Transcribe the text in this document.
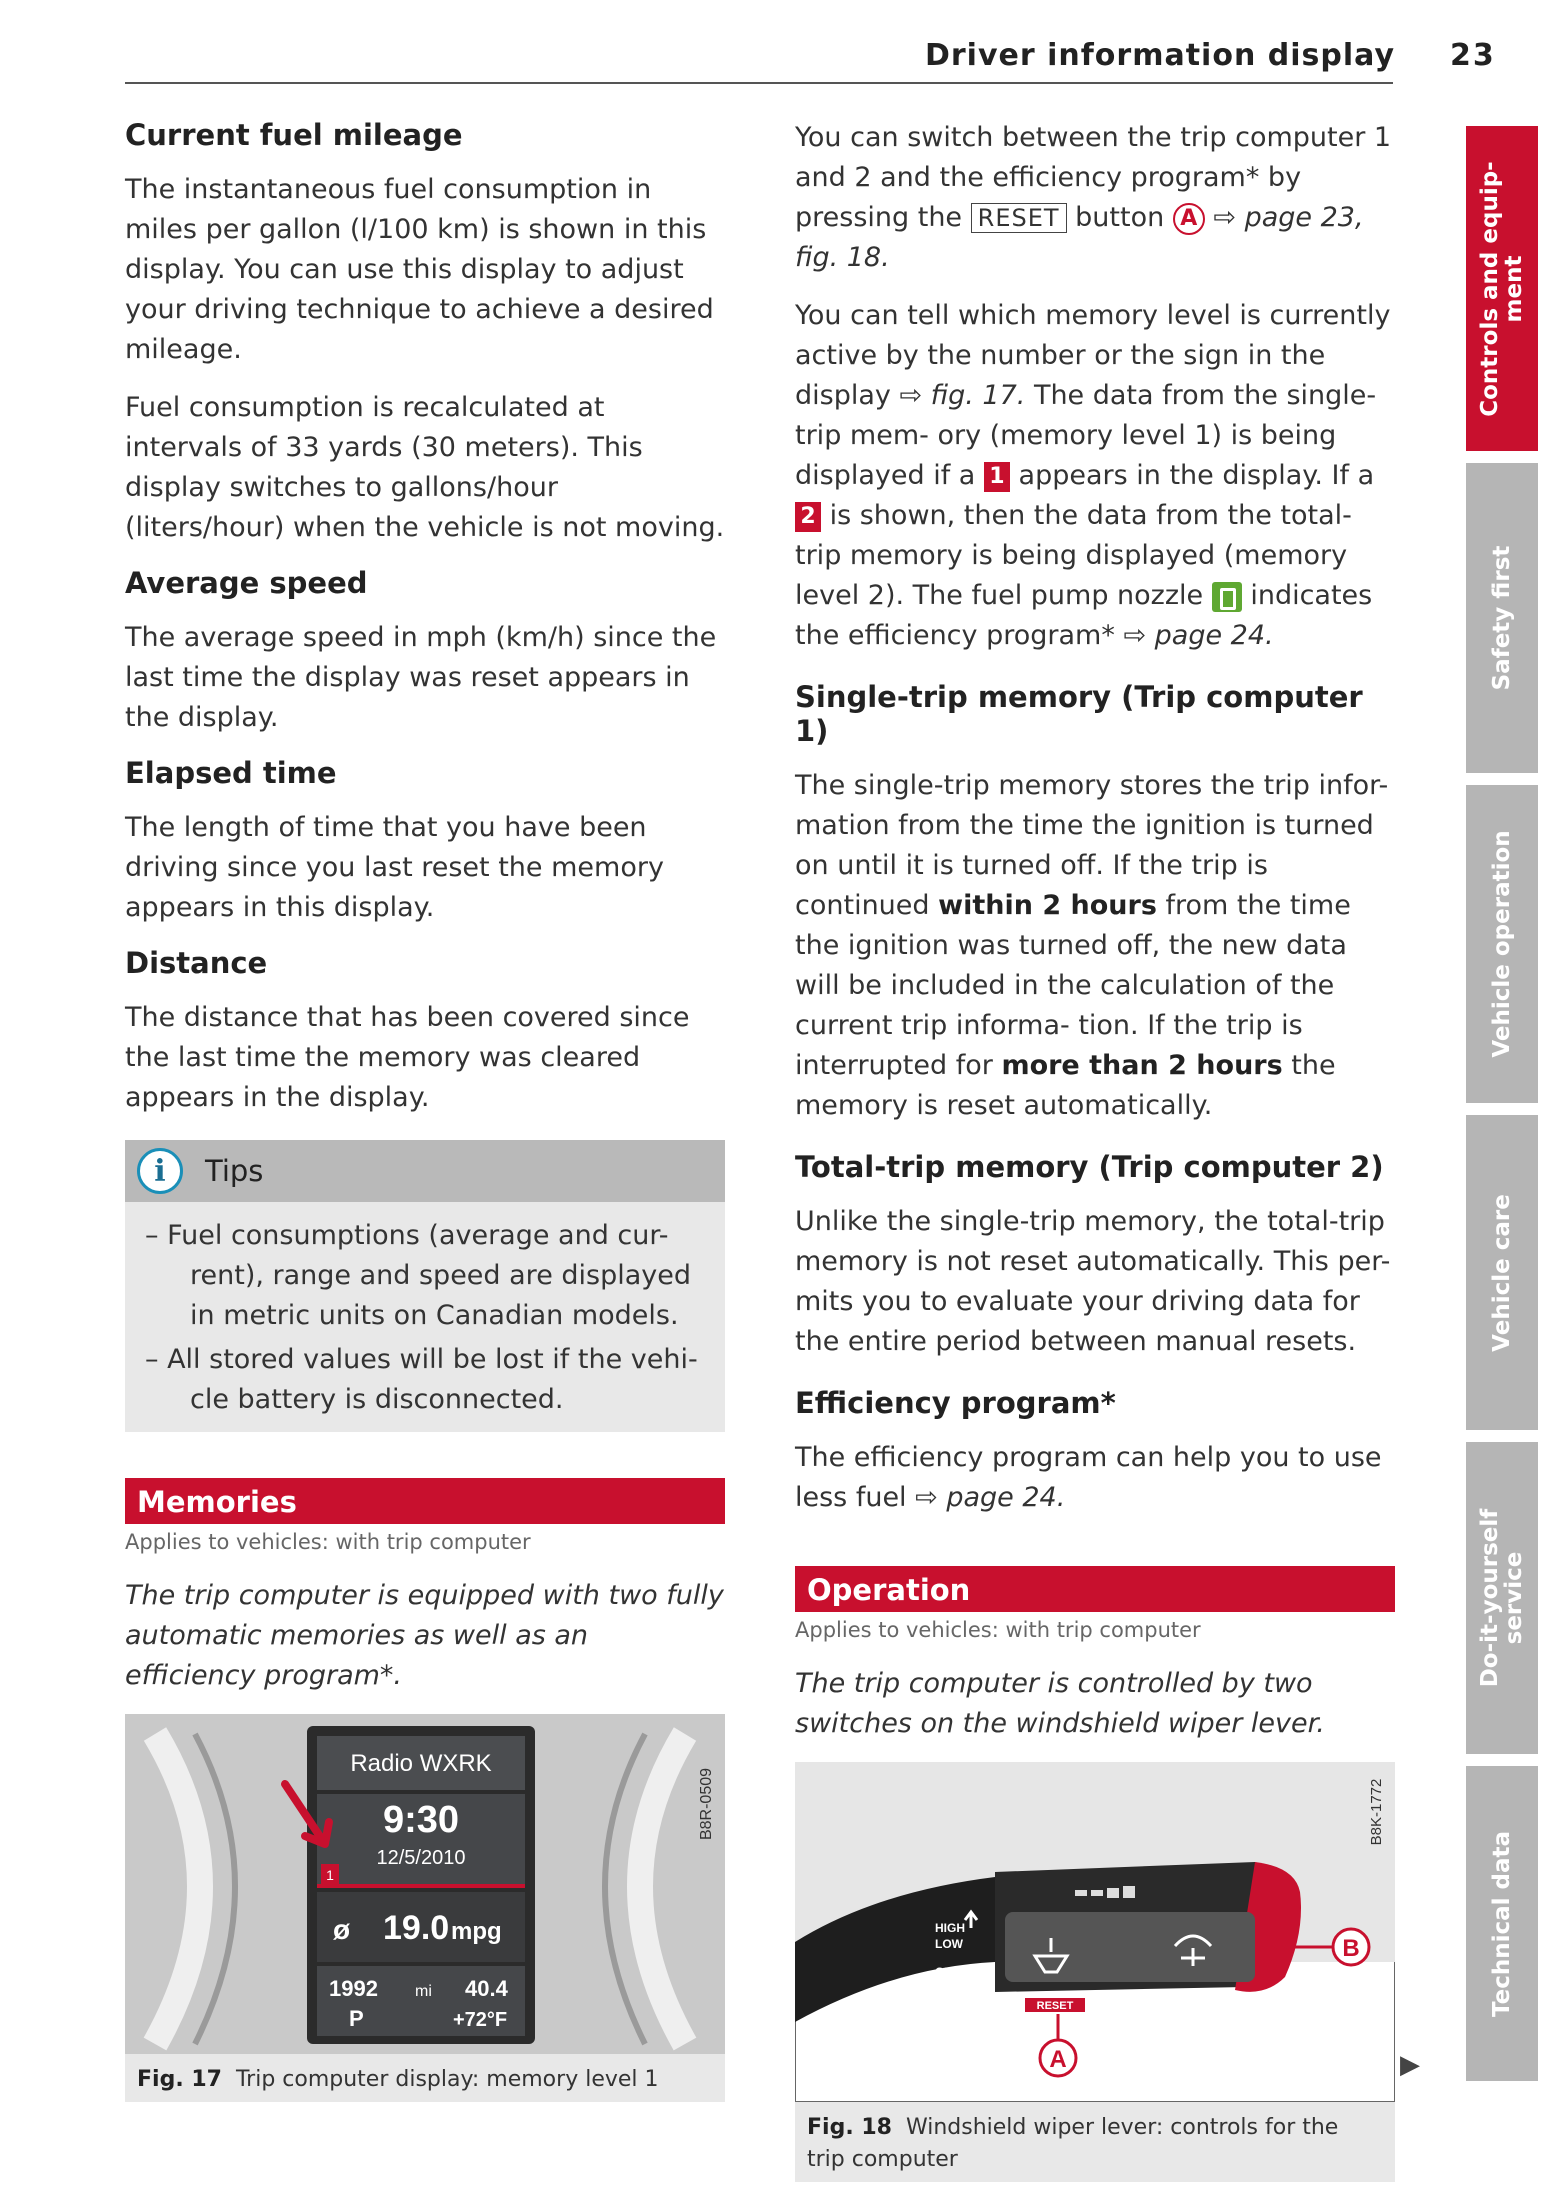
Driver information display 23
Current fuel mileage
The instantaneous fuel consumption in miles per gallon (l/100 km) is shown in this display. You can use this display to adjust your driving technique to achieve a desired mileage.
Fuel consumption is recalculated at intervals of 33 yards (30 meters). This display switches to gallons/hour (liters/hour) when the vehicle is not moving.
Average speed
The average speed in mph (km/h) since the last time the display was reset appears in the display.
Elapsed time
The length of time that you have been driving since you last reset the memory appears in this display.
Distance
The distance that has been covered since the last time the memory was cleared appears in the display.
i	Tips
– Fuel consumptions (average and cur- rent), range and speed are displayed in metric units on Canadian models.
– All stored values will be lost if the vehi- cle battery is disconnected.
Memories
Applies to vehicles: with trip computer
The trip computer is equipped with two fully automatic memories as well as an efficiency program*.
Radio WXRK
9:30
12/5/2010
1
ø 19.0 mpg
1992 mi 40.4
P	+72°F
B8R-0509
Fig. 17 Trip computer display: memory level 1
You can switch between the trip computer 1 and 2 and the efficiency program* by pressing the RESET button A ⇨ page 23, fig. 18.
You can tell which memory level is currently active by the number or the sign in the display ⇨ fig. 17. The data from the single-trip mem- ory (memory level 1) is being displayed if a 1 appears in the display. If a 2 is shown, then the data from the total-trip memory is being displayed (memory level 2). The fuel pump nozzle indicates the efficiency program* ⇨ page 24.
Single-trip memory (Trip computer 1)
The single-trip memory stores the trip infor- mation from the time the ignition is turned on until it is turned off. If the trip is continued within 2 hours from the time the ignition was turned off, the new data will be included in the calculation of the current trip informa- tion. If the trip is interrupted for more than 2 hours the memory is reset automatically.
Total-trip memory (Trip computer 2)
Unlike the single-trip memory, the total-trip memory is not reset automatically. This per- mits you to evaluate your driving data for the entire period between manual resets.
Efficiency program*
The efficiency program can help you to use less fuel ⇨ page 24.
Operation
Applies to vehicles: with trip computer
The trip computer is controlled by two switches on the windshield wiper lever.
HIGH
LOW
OFF
1x
RESET
A
B
B8K-1772
Fig. 18 Windshield wiper lever: controls for the trip computer
Controls and equip- ment
Safety first
Vehicle operation
Vehicle care
Do-it-yourself service
Technical data
▶
